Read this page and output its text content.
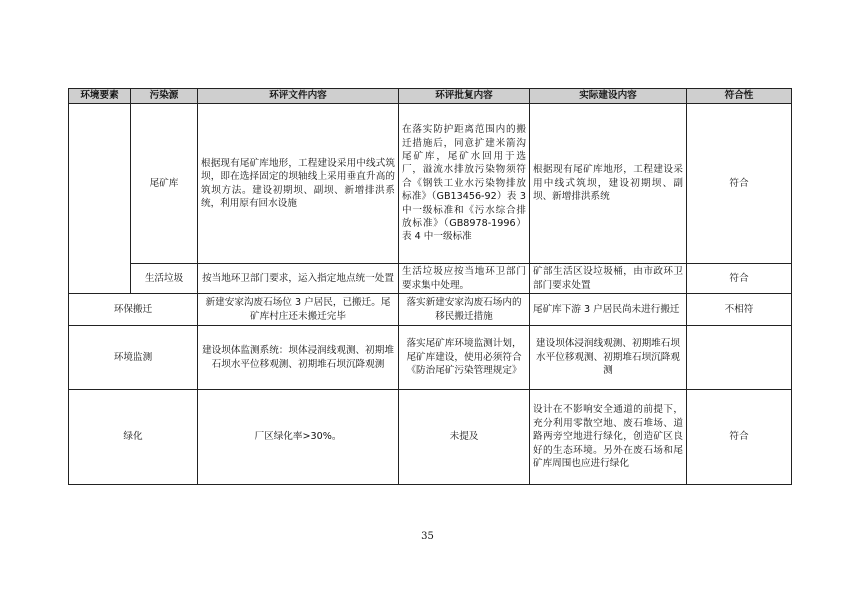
环境要素	污染源	环评文件内容	环评批复内容	实际建设内容	符合性
	尾矿库	根据现有尾矿库地形，工程建设采用中线式筑坝，即在选择固定的坝轴线上采用垂直升高的筑坝方法。建设初期坝、副坝、新增排洪系统，利用原有回水设施	在落实防护距离范围内的搬迁措施后，同意扩建米箭沟尾矿库，尾矿水回用于选厂，溢流水排放污染物须符合《钢铁工业水污染物排放标准》（GB13456-92）表 3 中一级标准和《污水综合排放标准》（GB8978-1996）表 4 中一级标准	根据现有尾矿库地形，工程建设采用中线式筑坝，建设初期坝、副坝、新增排洪系统	符合
	生活垃圾	按当地环卫部门要求，运入指定地点统一处置	生活垃圾应按当地环卫部门要求集中处理。	矿部生活区设垃圾桶，由市政环卫部门要求处置	符合
环保搬迁		新建安家沟废石场位 3 户居民，已搬迁。尾矿库村庄还未搬迁完毕	落实新建安家沟废石场内的移民搬迁措施	尾矿库下游 3 户居民尚未进行搬迁	不相符
环境监测		建设坝体监测系统：坝体浸润线观测、初期堆石坝水平位移观测、初期堆石坝沉降观测	落实尾矿库环境监测计划，尾矿库建设，使用必须符合《防治尾矿污染管理规定》	建设坝体浸润线观测、初期堆石坝水平位移观测、初期堆石坝沉降观测	
绿化		厂区绿化率>30%。	未提及	设计在不影响安全通道的前提下，充分利用零散空地、废石堆场、道路两旁空地进行绿化，创造矿区良好的生态环境。另外在废石场和尾矿库周围也应进行绿化	符合
35
